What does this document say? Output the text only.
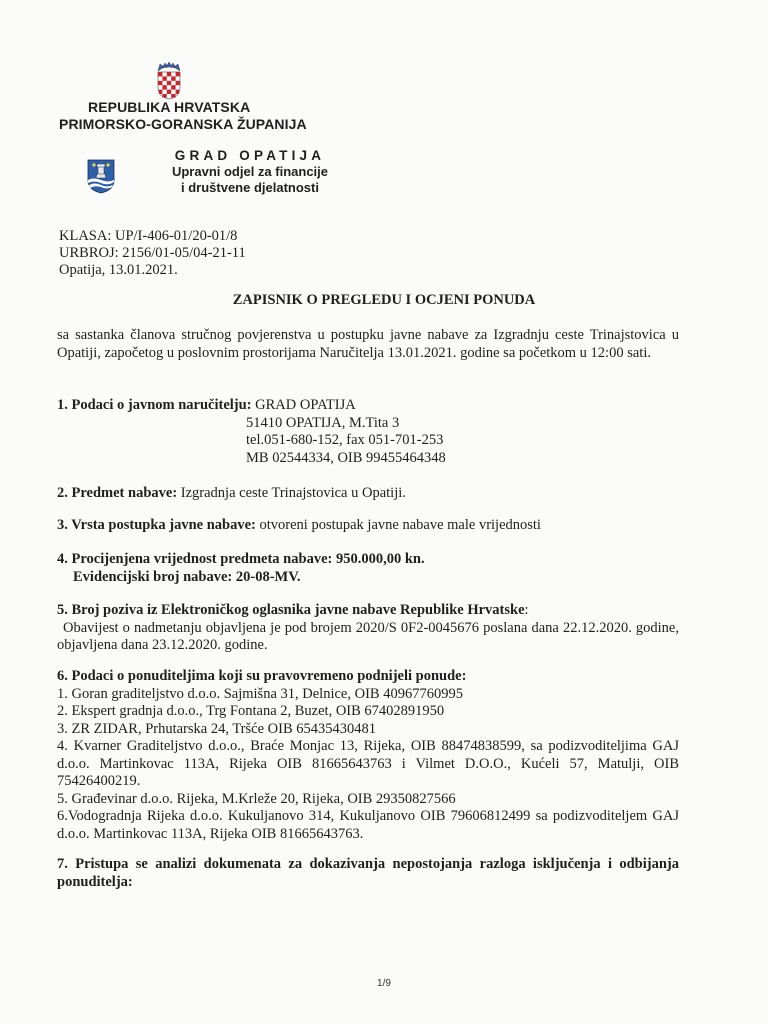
REPUBLIKA HRVATSKA
PRIMORSKO-GORANSKA ŽUPANIJA
GRAD OPATIJA
Upravni odjel za financije
i društvene djelatnosti
KLASA: UP/I-406-01/20-01/8
URBROJ: 2156/01-05/04-21-11
Opatija, 13.01.2021.
ZAPISNIK O PREGLEDU I OCJENI PONUDA
sa sastanka članova stručnog povjerenstva u postupku javne nabave za Izgradnju ceste Trinajstovica u Opatiji, započetog u poslovnim prostorijama Naručitelja 13.01.2021. godine sa početkom u 12:00 sati.
1. Podaci o javnom naručitelju: GRAD OPATIJA
51410 OPATIJA, M.Tita 3
tel.051-680-152, fax 051-701-253
MB 02544334, OIB 99455464348
2. Predmet nabave: Izgradnja ceste Trinajstovica u Opatiji.
3. Vrsta postupka javne nabave: otvoreni postupak javne nabave male vrijednosti
4. Procijenjena vrijednost predmeta nabave: 950.000,00 kn.
Evidencijski broj nabave: 20-08-MV.
5. Broj poziva iz Elektroničkog oglasnika javne nabave Republike Hrvatske:
Obavijest o nadmetanju objavljena je pod brojem 2020/S 0F2-0045676 poslana dana 22.12.2020. godine, objavljena dana 23.12.2020. godine.
6. Podaci o ponuditeljima koji su pravovremeno podnijeli ponude:
1. Goran graditeljstvo d.o.o. Sajmišna 31, Delnice, OIB 40967760995
2. Ekspert gradnja d.o.o., Trg Fontana 2, Buzet, OIB 67402891950
3. ZR ZIDAR, Prhutarska 24, Tršće OIB 65435430481
4. Kvarner Graditeljstvo d.o.o., Braće Monjac 13, Rijeka, OIB 88474838599, sa podizvoditeljima GAJ d.o.o. Martinkovac 113A, Rijeka OIB 81665643763 i Vilmet D.O.O., Kućeli 57, Matulji, OIB 75426400219.
5. Građevinar d.o.o. Rijeka, M.Krleže 20, Rijeka, OIB 29350827566
6.Vodogradnja Rijeka d.o.o. Kukuljanovo 314, Kukuljanovo OIB 79606812499 sa podizvoditeljem GAJ d.o.o. Martinkovac 113A, Rijeka OIB 81665643763.
7. Pristupa se analizi dokumenata za dokazivanja nepostojanja razloga isključenja i odbijanja ponuditelja:
1/9
